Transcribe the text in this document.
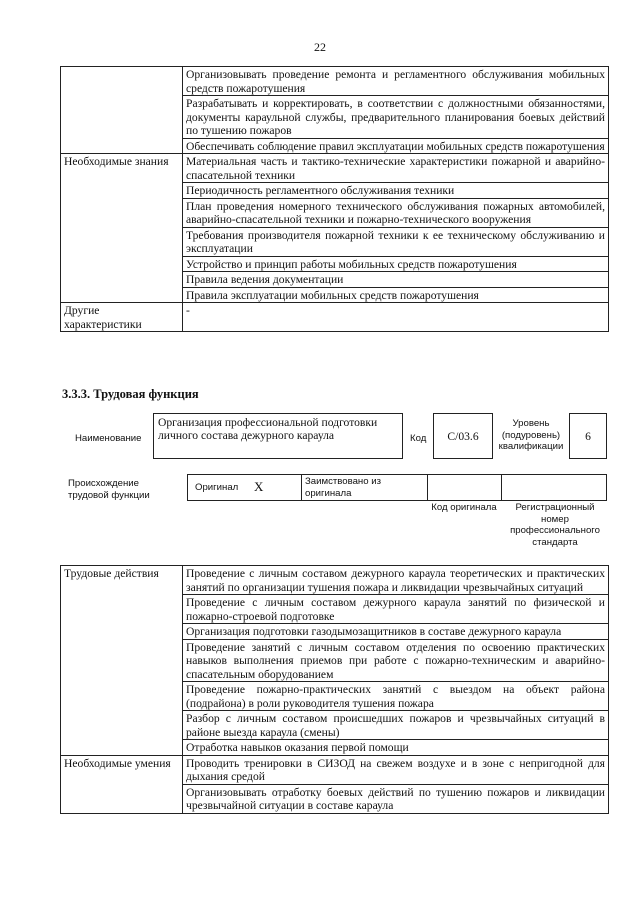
22
	Организовывать проведение ремонта и регламентного обслуживания мобильных средств пожаротушения
	Разрабатывать и корректировать, в соответствии с должностными обязанностями, документы караульной службы, предварительного планирования боевых действий по тушению пожаров
	Обеспечивать соблюдение правил эксплуатации мобильных средств пожаротушения
Необходимые знания	Материальная часть и тактико-технические характеристики пожарной и аварийно-спасательной техники
	Периодичность регламентного обслуживания техники
	План проведения номерного технического обслуживания пожарных автомобилей, аварийно-спасательной техники и пожарно-технического вооружения
	Требования производителя пожарной техники к ее техническому обслуживанию и эксплуатации
	Устройство и принцип работы мобильных средств пожаротушения
	Правила ведения документации
	Правила эксплуатации мобильных средств пожаротушения
Другие характеристики	-
3.3.3. Трудовая функция
Наименование
Организация профессиональной подготовки личного состава дежурного караула	Код С/03.6
Уровень (подуровень) квалификации
6
Происхождение трудовой функции
Оригинал X	Заимствовано из оригинала
Код оригинала	Регистрационный номер профессионального стандарта
Трудовые действия	Проведение с личным составом дежурного караула теоретических и практических занятий по организации тушения пожара и ликвидации чрезвычайных ситуаций
	Проведение с личным составом дежурного караула занятий по физической и пожарно-строевой подготовке
	Организация подготовки газодымозащитников в составе дежурного караула
	Проведение занятий с личным составом отделения по освоению практических навыков выполнения приемов при работе с пожарно-техническим и аварийно-спасательным оборудованием
	Проведение пожарно-практических занятий с выездом на объект района (подрайона) в роли руководителя тушения пожара
	Разбор с личным составом происшедших пожаров и чрезвычайных ситуаций в районе выезда караула (смены)
	Отработка навыков оказания первой помощи
Необходимые умения	Проводить тренировки в СИЗОД на свежем воздухе и в зоне с непригодной для дыхания средой
	Организовывать отработку боевых действий по тушению пожаров и ликвидации чрезвычайной ситуации в составе караула
